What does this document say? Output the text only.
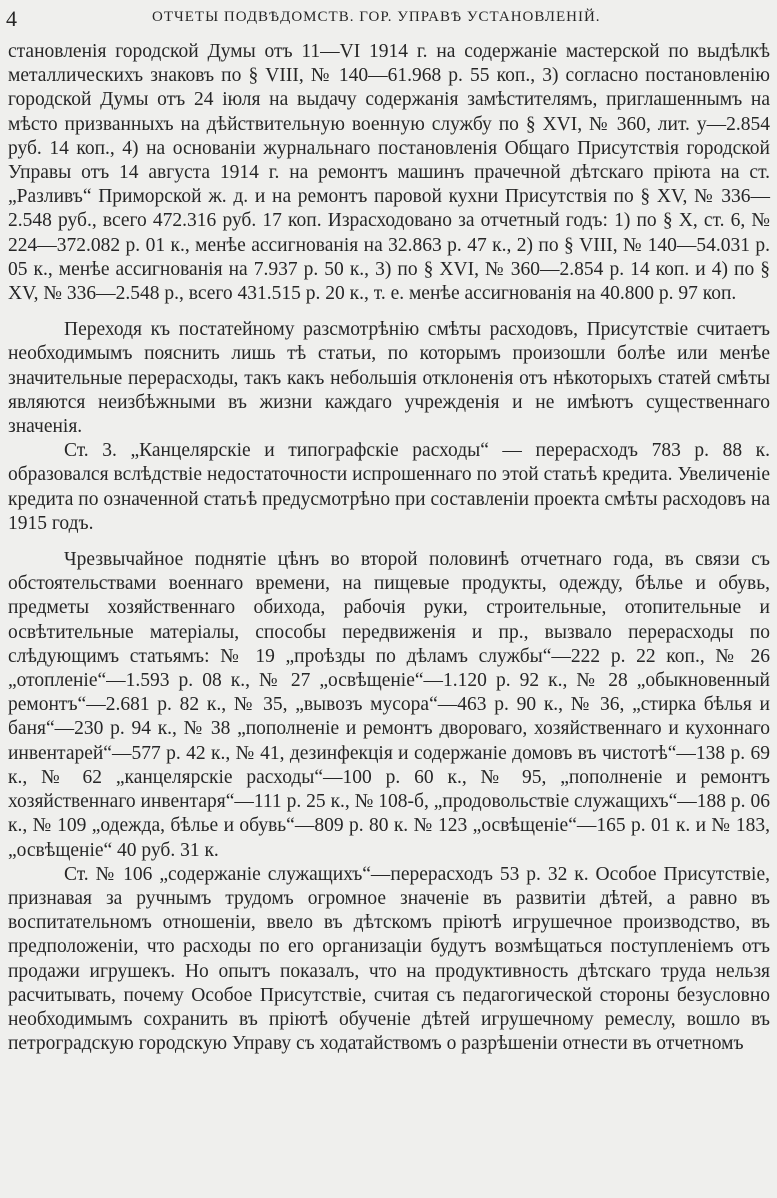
4	ОТЧЕТЫ ПОДВѢДОМСТВ. ГОР. УПРАВѢ УСТАНОВЛЕНІЙ.

становленія городской Думы отъ 11—VI 1914 г. на содержаніе мастерской по выдѣлкѣ металлическихъ знаковъ по § VIII, № 140—61.968 р. 55 коп., 3) согласно постановленію городской Думы отъ 24 іюля на выдачу содержанія замѣстителямъ, приглашеннымъ на мѣсто призванныхъ на дѣйствительную военную службу по § XVI, № 360, лит. у—2.854 руб. 14 коп., 4) на основаніи журнальнаго постановленія Общаго Присутствія городской Управы отъ 14 августа 1914 г. на ремонтъ машинъ прачечной дѣтскаго пріюта на ст. „Разливъ“ Приморской ж. д. и на ремонтъ паровой кухни Присутствія по § XV, № 336—2.548 руб., всего 472.316 руб. 17 коп. Израсходовано за отчетный годъ: 1) по § X, ст. 6, № 224—372.082 р. 01 к., менѣе ассигнованія на 32.863 р. 47 к., 2) по § VIII, № 140—54.031 р. 05 к., менѣе ассигнованія на 7.937 р. 50 к., 3) по § XVI, № 360—2.854 р. 14 коп. и 4) по § XV, № 336—2.548 р., всего 431.515 р. 20 к., т. е. менѣе ассигнованія на 40.800 р. 97 коп.

Переходя къ постатейному разсмотрѣнію смѣты расходовъ, Присутствіе считаетъ необходимымъ пояснить лишь тѣ статьи, по которымъ произошли болѣе или менѣе значительные перерасходы, такъ какъ небольшія отклоненія отъ нѣкоторыхъ статей смѣты являются неизбѣжными въ жизни каждаго учрежденія и не имѣютъ существеннаго значенія.

Ст. 3. „Канцелярскіе и типографскіе расходы“ — перерасходъ 783 р. 88 к. образовался вслѣдствіе недостаточности испрошеннаго по этой статьѣ кредита. Увеличеніе кредита по означенной статьѣ предусмотрѣно при составленіи проекта смѣты расходовъ на 1915 годъ.

Чрезвычайное поднятіе цѣнъ во второй половинѣ отчетнаго года, въ связи съ обстоятельствами военнаго времени, на пищевые продукты, одежду, бѣлье и обувь, предметы хозяйственнаго обихода, рабочія руки, строительные, отопительные и освѣтительные матеріалы, способы передвиженія и пр., вызвало перерасходы по слѣдующимъ статьямъ: № 19 „проѣзды по дѣламъ службы“—222 р. 22 коп., № 26 „отопленіе“—1.593 р. 08 к., № 27 „освѣщеніе“—1.120 р. 92 к., № 28 „обыкновенный ремонтъ“—2.681 р. 82 к., № 35, „вывозъ мусора“—463 р. 90 к., № 36, „стирка бѣлья и баня“—230 р. 94 к., № 38 „пополненіе и ремонтъ двороваго, хозяйственнаго и кухоннаго инвентарей“—577 р. 42 к., № 41, дезинфекція и содержаніе домовъ въ чистотѣ“—138 р. 69 к., № 62 „канцелярскіе расходы“—100 р. 60 к., № 95, „пополненіе и ремонтъ хозяйственнаго инвентаря“—111 р. 25 к., № 108-б, „продовольствіе служащихъ“—188 р. 06 к., № 109 „одежда, бѣлье и обувь“—809 р. 80 к. № 123 „освѣщеніе“—165 р. 01 к. и № 183, „освѣщеніе“ 40 руб. 31 к.

Ст. № 106 „содержаніе служащихъ“—перерасходъ 53 р. 32 к. Особое Присутствіе, признавая за ручнымъ трудомъ огромное значеніе въ развитіи дѣтей, а равно въ воспитательномъ отношеніи, ввело въ дѣтскомъ пріютѣ игрушечное производство, въ предположеніи, что расходы по его организаціи будутъ возмѣщаться поступленіемъ отъ продажи игрушекъ. Но опытъ показалъ, что на продуктивность дѣтскаго труда нельзя расчитывать, почему Особое Присутствіе, считая съ педагогической стороны безусловно необходимымъ сохранить въ пріютѣ обученіе дѣтей игрушечному ремеслу, вошло въ петроградскую городскую Управу съ ходатайствомъ о разрѣшеніи отнести въ отчетномъ
